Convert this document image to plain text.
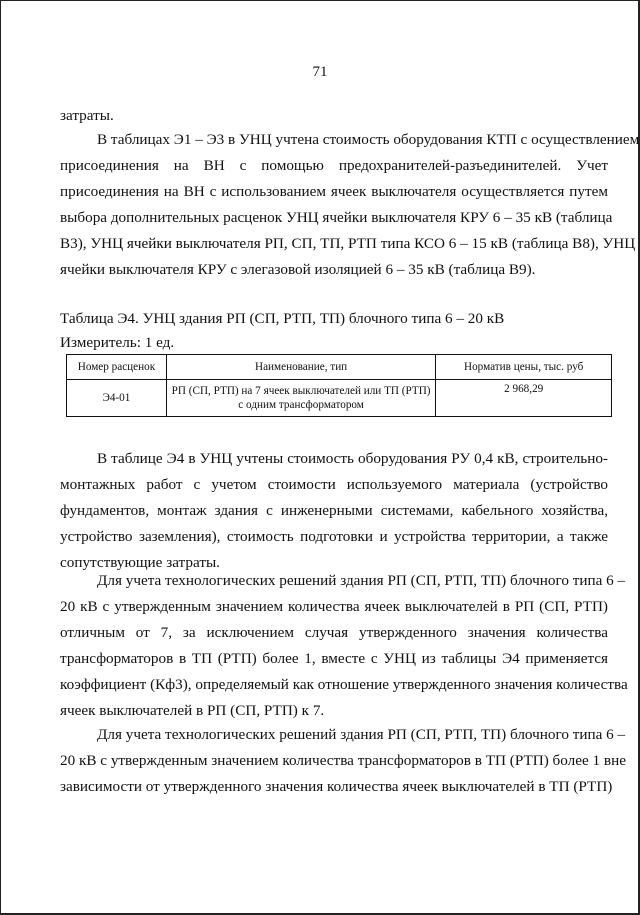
71
затраты.
В таблицах Э1 – Э3 в УНЦ учтена стоимость оборудования КТП с осуществлением
присоединения на ВН с помощью предохранителей-разъединителей. Учет
присоединения на ВН с использованием ячеек выключателя осуществляется путем
выбора дополнительных расценок УНЦ ячейки выключателя КРУ 6 – 35 кВ (таблица
В3), УНЦ ячейки выключателя РП, СП, ТП, РТП типа КСО 6 – 15 кВ (таблица В8), УНЦ
ячейки выключателя КРУ с элегазовой изоляцией 6 – 35 кВ (таблица В9).
Таблица Э4. УНЦ здания РП (СП, РТП, ТП) блочного типа 6 – 20 кВ
Измеритель: 1 ед.
Номер расценок	Наименование, тип	Норматив цены, тыс. руб
Э4-01	РП (СП, РТП) на 7 ячеек выключателей или ТП (РТП) с одним трансформатором	2 968,29
В таблице Э4 в УНЦ учтены стоимость оборудования РУ 0,4 кВ, строительно-
монтажных работ с учетом стоимости используемого материала (устройство
фундаментов, монтаж здания с инженерными системами, кабельного хозяйства,
устройство заземления), стоимость подготовки и устройства территории, а также
сопутствующие затраты.
Для учета технологических решений здания РП (СП, РТП, ТП) блочного типа 6 –
20 кВ с утвержденным значением количества ячеек выключателей в РП (СП, РТП)
отличным от 7, за исключением случая утвержденного значения количества
трансформаторов в ТП (РТП) более 1, вместе с УНЦ из таблицы Э4 применяется
коэффициент (Кф3), определяемый как отношение утвержденного значения количества
ячеек выключателей в РП (СП, РТП) к 7.
Для учета технологических решений здания РП (СП, РТП, ТП) блочного типа 6 –
20 кВ с утвержденным значением количества трансформаторов в ТП (РТП) более 1 вне
зависимости от утвержденного значения количества ячеек выключателей в ТП (РТП)
